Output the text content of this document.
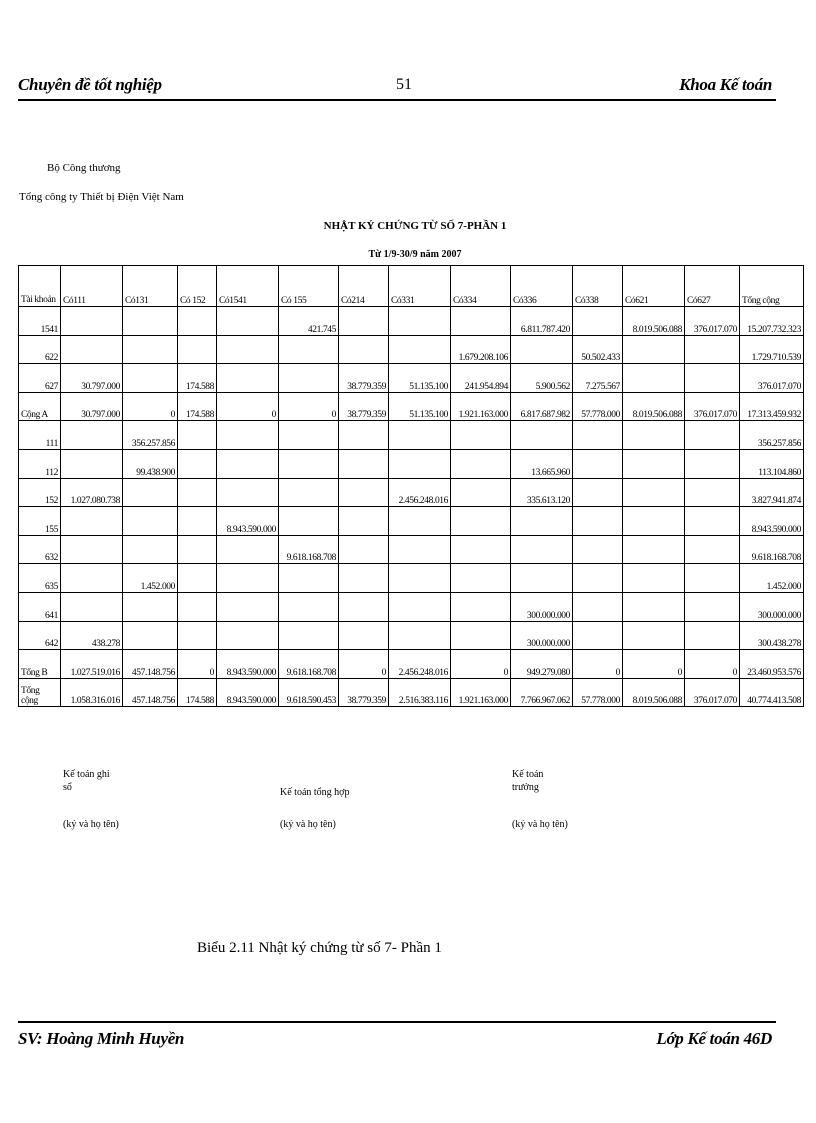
Chuyên đề tốt nghiệp	51	Khoa Kế toán
Bộ Công thương
Tổng công ty Thiết bị Điện Việt Nam
NHẬT KÝ CHỨNG TỪ SỐ 7-PHẦN 1
Từ 1/9-30/9 năm 2007
Tài khoản	Có111	Có131	Có 152	Có1541	Có 155	Có214	Có331	Có334	Có336	Có338	Có621	Có627	Tổng cộng
1541					421.745				6.811.787.420		8.019.506.088	376.017.070	15.207.732.323
622								1.679.208.106		50.502.433			1.729.710.539
627	30.797.000		174.588			38.779.359	51.135.100	241.954.894	5.900.562	7.275.567			376.017.070
Cộng A	30.797.000	0	174.588	0	0	38.779.359	51.135.100	1.921.163.000	6.817.687.982	57.778.000	8.019.506.088	376.017.070	17.313.459.932
111		356.257.856											356.257.856
112		99.438.900							13.665.960				113.104.860
152	1.027.080.738						2.456.248.016		335.613.120				3.827.941.874
155				8.943.590.000									8.943.590.000
632					9.618.168.708								9.618.168.708
635		1.452.000											1.452.000
641									300.000.000				300.000.000
642	438.278								300.000.000				300.438.278
Tổng B	1.027.519.016	457.148.756	0	8.943.590.000	9.618.168.708	0	2.456.248.016	0	949.279.080	0	0	0	23.460.953.576
Tổng cộng	1.058.316.016	457.148.756	174.588	8.943.590.000	9.618.590.453	38.779.359	2.516.383.116	1.921.163.000	7.766.967.062	57.778.000	8.019.506.088	376.017.070	40.774.413.508
Kế toán ghi sổ
(ký và họ tên)
Kế toán tổng hợp
(ký và họ tên)
Kế toán trưởng
(ký và họ tên)
Biểu 2.11 Nhật ký chứng từ số 7- Phần 1
SV: Hoàng Minh Huyền	Lớp Kế toán 46D
